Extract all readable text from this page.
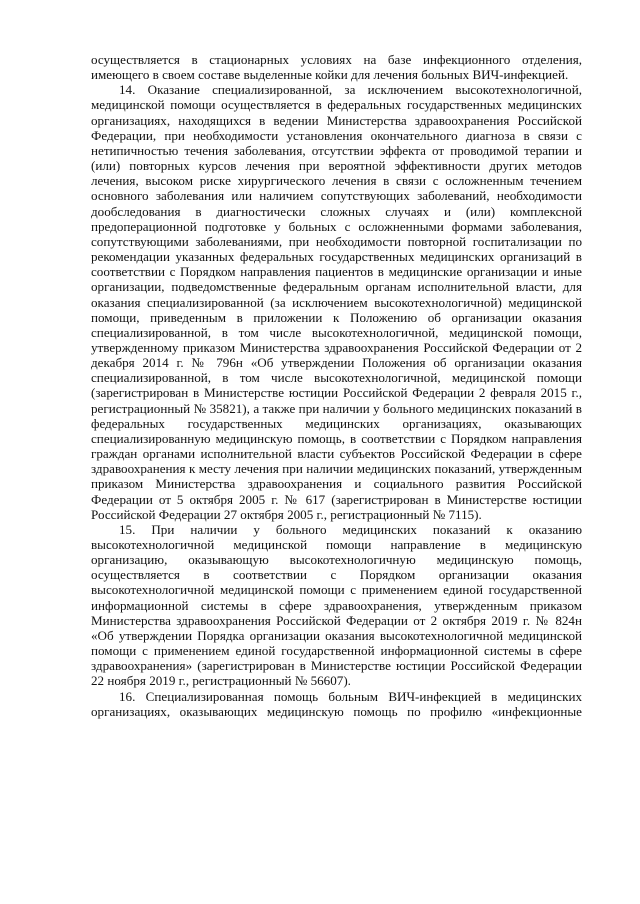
осуществляется в стационарных условиях на базе инфекционного отделения, имеющего в своем составе выделенные койки для лечения больных ВИЧ-инфекцией.

14. Оказание специализированной, за исключением высокотехнологичной, медицинской помощи осуществляется в федеральных государственных медицинских организациях, находящихся в ведении Министерства здравоохранения Российской Федерации, при необходимости установления окончательного диагноза в связи с нетипичностью течения заболевания, отсутствии эффекта от проводимой терапии и (или) повторных курсов лечения при вероятной эффективности других методов лечения, высоком риске хирургического лечения в связи с осложненным течением основного заболевания или наличием сопутствующих заболеваний, необходимости дообследования в диагностически сложных случаях и (или) комплексной предоперационной подготовке у больных с осложненными формами заболевания, сопутствующими заболеваниями, при необходимости повторной госпитализации по рекомендации указанных федеральных государственных медицинских организаций в соответствии с Порядком направления пациентов в медицинские организации и иные организации, подведомственные федеральным органам исполнительной власти, для оказания специализированной (за исключением высокотехнологичной) медицинской помощи, приведенным в приложении к Положению об организации оказания специализированной, в том числе высокотехнологичной, медицинской помощи, утвержденному приказом Министерства здравоохранения Российской Федерации от 2 декабря 2014 г. № 796н «Об утверждении Положения об организации оказания специализированной, в том числе высокотехнологичной, медицинской помощи (зарегистрирован в Министерстве юстиции Российской Федерации 2 февраля 2015 г., регистрационный № 35821), а также при наличии у больного медицинских показаний в федеральных государственных медицинских организациях, оказывающих специализированную медицинскую помощь, в соответствии с Порядком направления граждан органами исполнительной власти субъектов Российской Федерации в сфере здравоохранения к месту лечения при наличии медицинских показаний, утвержденным приказом Министерства здравоохранения и социального развития Российской Федерации от 5 октября 2005 г. № 617 (зарегистрирован в Министерстве юстиции Российской Федерации 27 октября 2005 г., регистрационный № 7115).

15. При наличии у больного медицинских показаний к оказанию высокотехнологичной медицинской помощи направление в медицинскую организацию, оказывающую высокотехнологичную медицинскую помощь, осуществляется в соответствии с Порядком организации оказания высокотехнологичной медицинской помощи с применением единой государственной информационной системы в сфере здравоохранения, утвержденным приказом Министерства здравоохранения Российской Федерации от 2 октября 2019 г. № 824н «Об утверждении Порядка организации оказания высокотехнологичной медицинской помощи с применением единой государственной информационной системы в сфере здравоохранения» (зарегистрирован в Министерстве юстиции Российской Федерации 22 ноября 2019 г., регистрационный № 56607).

16. Специализированная помощь больным ВИЧ-инфекцией в медицинских организациях, оказывающих медицинскую помощь по профилю «инфекционные
